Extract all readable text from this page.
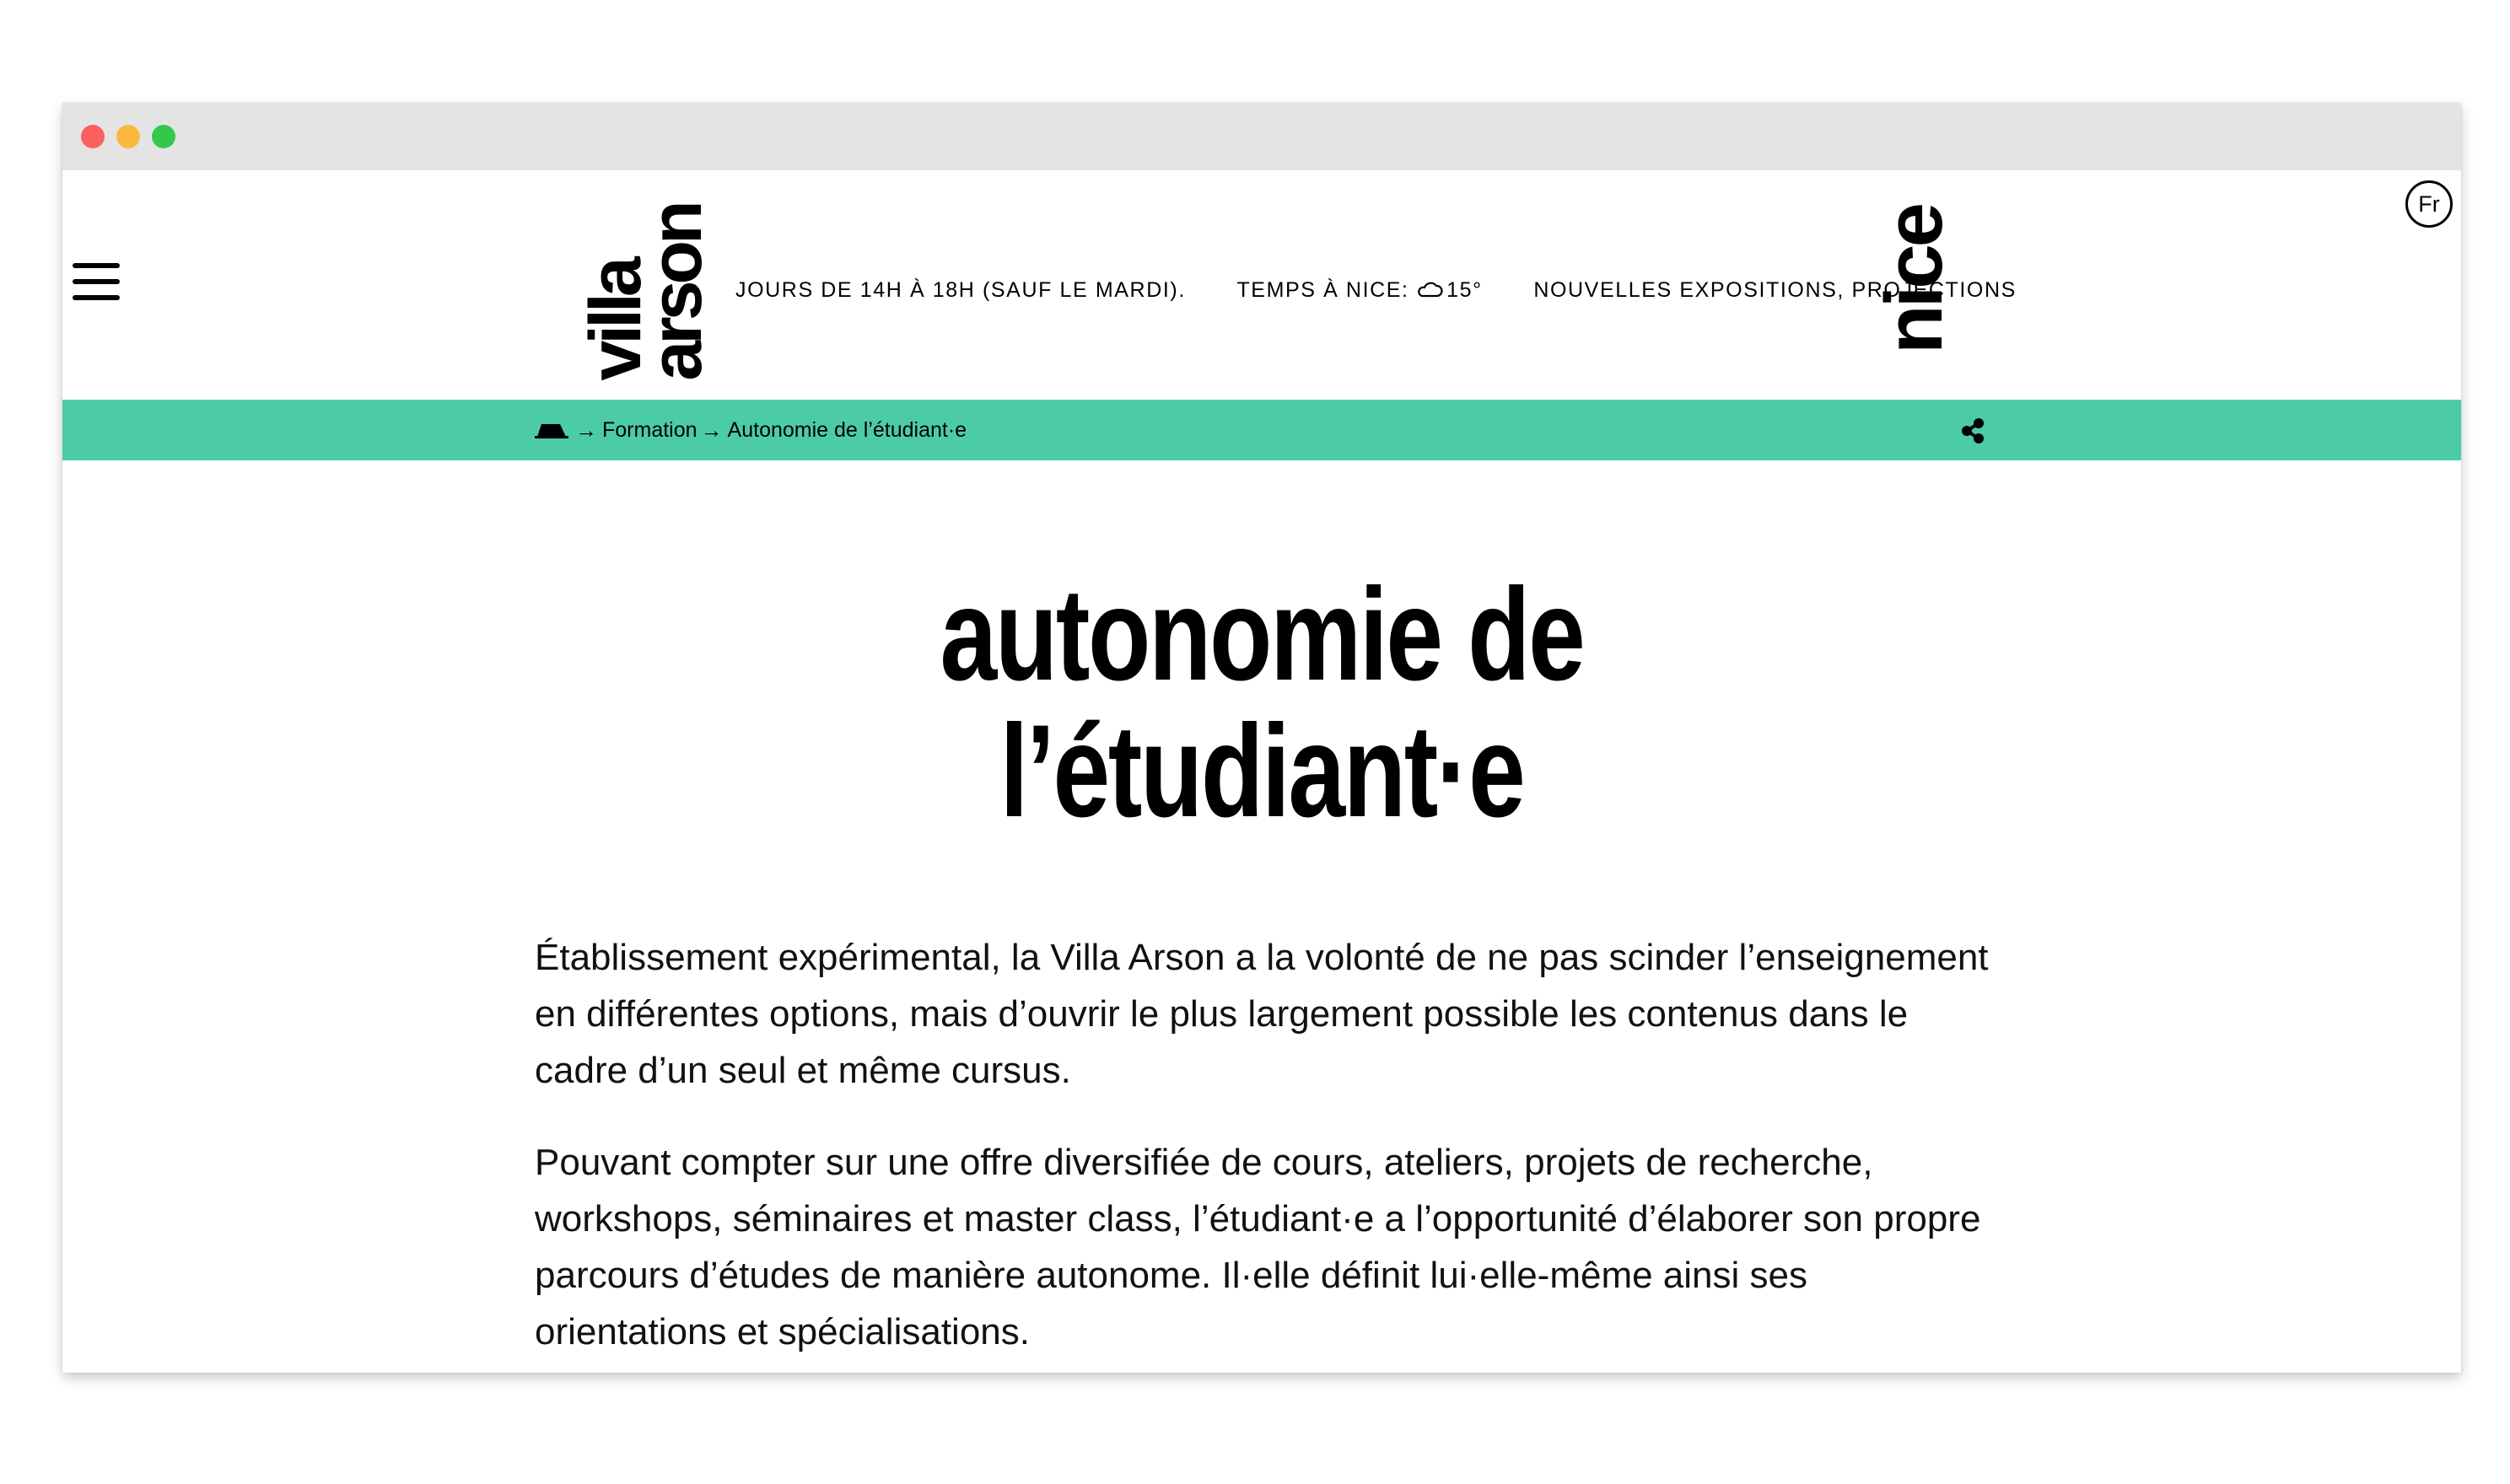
villa
arson JOURS DE 14H À 18H (SAUF LE MARDI). TEMPS À NICE: 15° NOUVELLES EXPOSITIONS, PROJECTIONS
nice
Fr
→ Formation → Autonomie de l’étudiant·e
autonomie de
l’étudiant·e

Établissement expérimental, la Villa Arson a la volonté de ne pas scinder l’enseignement en différentes options, mais d’ouvrir le plus largement possible les contenus dans le cadre d’un seul et même cursus.

Pouvant compter sur une offre diversifiée de cours, ateliers, projets de recherche, workshops, séminaires et master class, l’étudiant·e a l’opportunité d’élaborer son propre parcours d’études de manière autonome. Il·elle définit lui·elle-même ainsi ses orientations et spécialisations.
